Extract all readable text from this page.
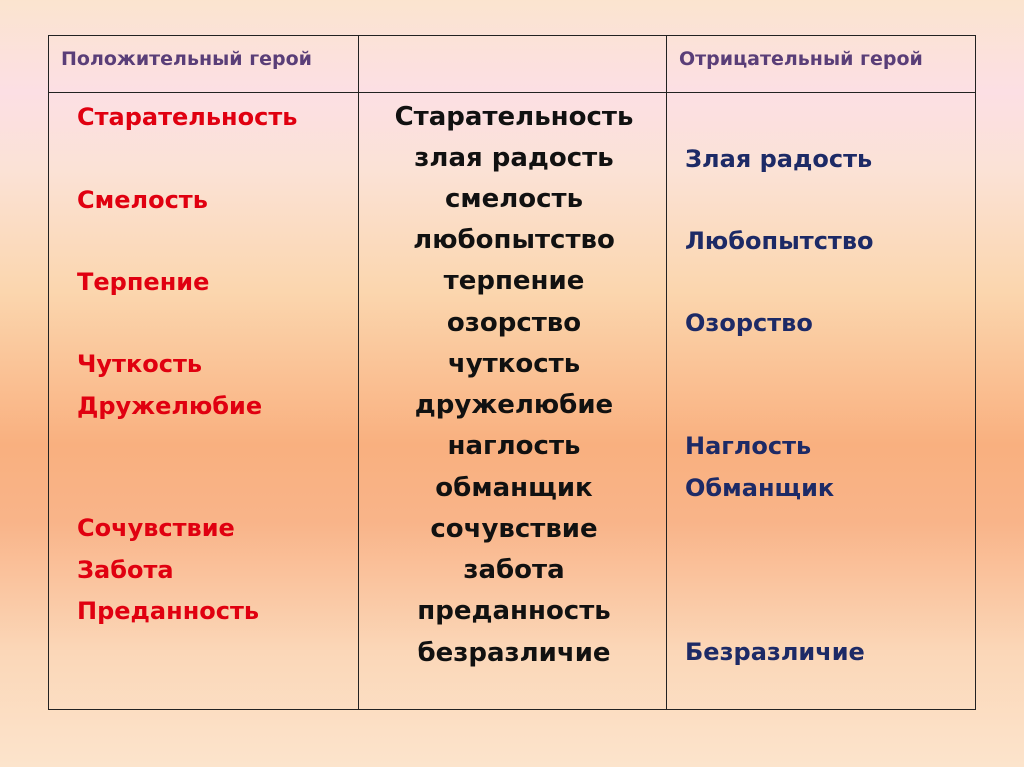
Положительный герой	Отрицательный герой
Старательность
Смелость
Терпение
Чуткость
Дружелюбие
Сочувствие
Забота
Преданность
Старательность
злая радость
смелость
любопытство
терпение
озорство
чуткость
дружелюбие
наглость
обманщик
сочувствие
забота
преданность
безразличие
Злая радость
Любопытство
Озорство
Наглость
Обманщик
Безразличие
